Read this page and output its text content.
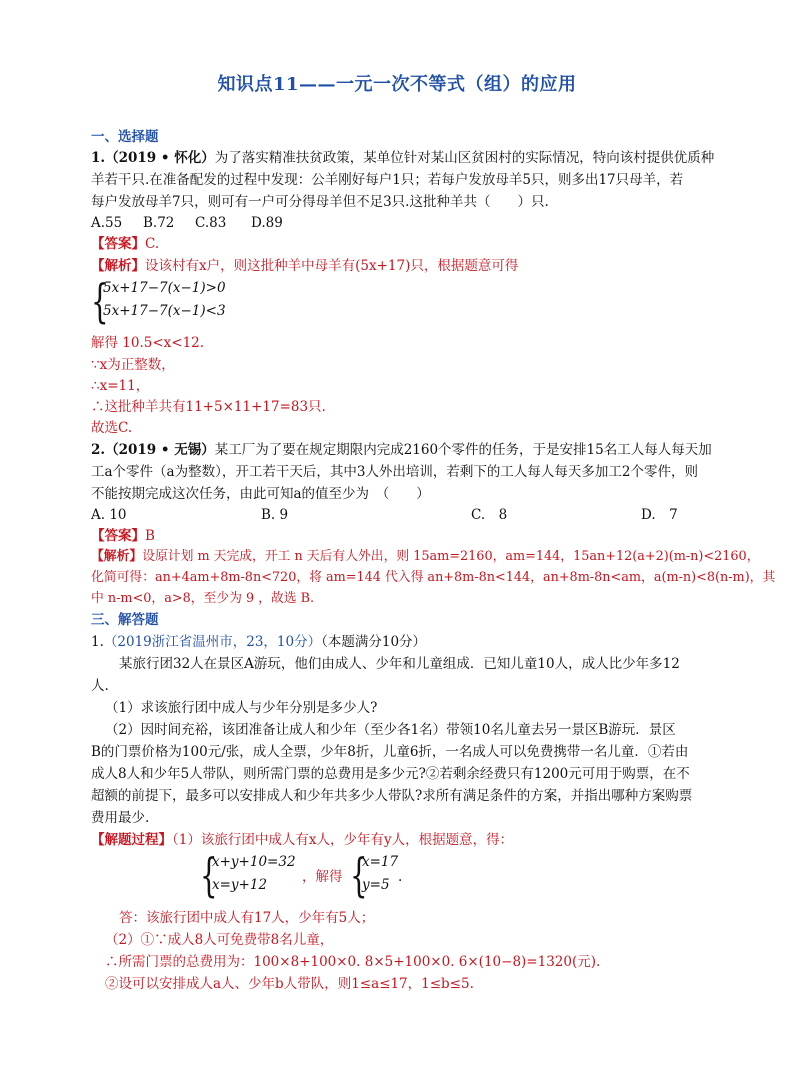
知识点11——一元一次不等式（组）的应用
一、选择题
1.（2019 • 怀化）为了落实精准扶贫政策，某单位针对某山区贫困村的实际情况，特向该村提供优质种
羊若干只.在准备配发的过程中发现：公羊刚好每户1只；若每户发放母羊5只，则多出17只母羊，若
每户发放母羊7只，则可有一户可分得母羊但不足3只.这批种羊共（　　）只.
A.55 B.72 C.83 D.89
【答案】C.
【解析】设该村有x户，则这批种羊中母羊有(5x+17)只，根据题意可得
{
5x+17−7(x−1)>0
5x+17−7(x−1)<3
解得 10.5<x<12.
∵x为正整数，
∴x=11，
∴这批种羊共有11+5×11+17=83只.
故选C.
2.（2019 • 无锡）某工厂为了要在规定期限内完成2160个零件的任务，于是安排15名工人每人每天加
工a个零件（a为整数），开工若干天后，其中3人外出培训，若剩下的工人每人每天多加工2个零件，则
不能按期完成这次任务，由此可知a的值至少为　（　　）
A. 10	B. 9	C.　8	D.　7
【答案】B
【解析】设原计划 m 天完成，开工 n 天后有人外出，则 15am=2160，am=144，15an+12(a+2)(m-n)<2160，
化简可得：an+4am+8m-8n<720，将 am=144 代入得 an+8m-8n<144，an+8m-8n<am，a(m-n)<8(n-m)，其
中 n-m<0，a>8，至少为 9 ，故选 B.
三、解答题
1.（2019浙江省温州市，23，10分）（本题满分10分）
某旅行团32人在景区A游玩，他们由成人、少年和儿童组成．已知儿童10人，成人比少年多12
人.
（1）求该旅行团中成人与少年分别是多少人?
（2）因时间充裕，该团准备让成人和少年（至少各1名）带领10名儿童去另一景区B游玩．景区
B的门票价格为100元/张，成人全票，少年8折，儿童6折，一名成人可以免费携带一名儿童．①若由
成人8人和少年5人带队，则所需门票的总费用是多少元?②若剩余经费只有1200元可用于购票，在不
超额的前提下，最多可以安排成人和少年共多少人带队?求所有满足条件的方案，并指出哪种方案购票
费用最少.
【解题过程】（1）该旅行团中成人有x人，少年有y人，根据题意，得：
{
x+y+10=32
x=y+12	，解得 {
x=17
y=5 .
答：该旅行团中成人有17人，少年有5人；
（2）①∵成人8人可免费带8名儿童，
∴所需门票的总费用为：100×8+100×0. 8×5+100×0. 6×(10−8)=1320(元).
②设可以安排成人a人、少年b人带队，则1≤a≤17，1≤b≤5.
